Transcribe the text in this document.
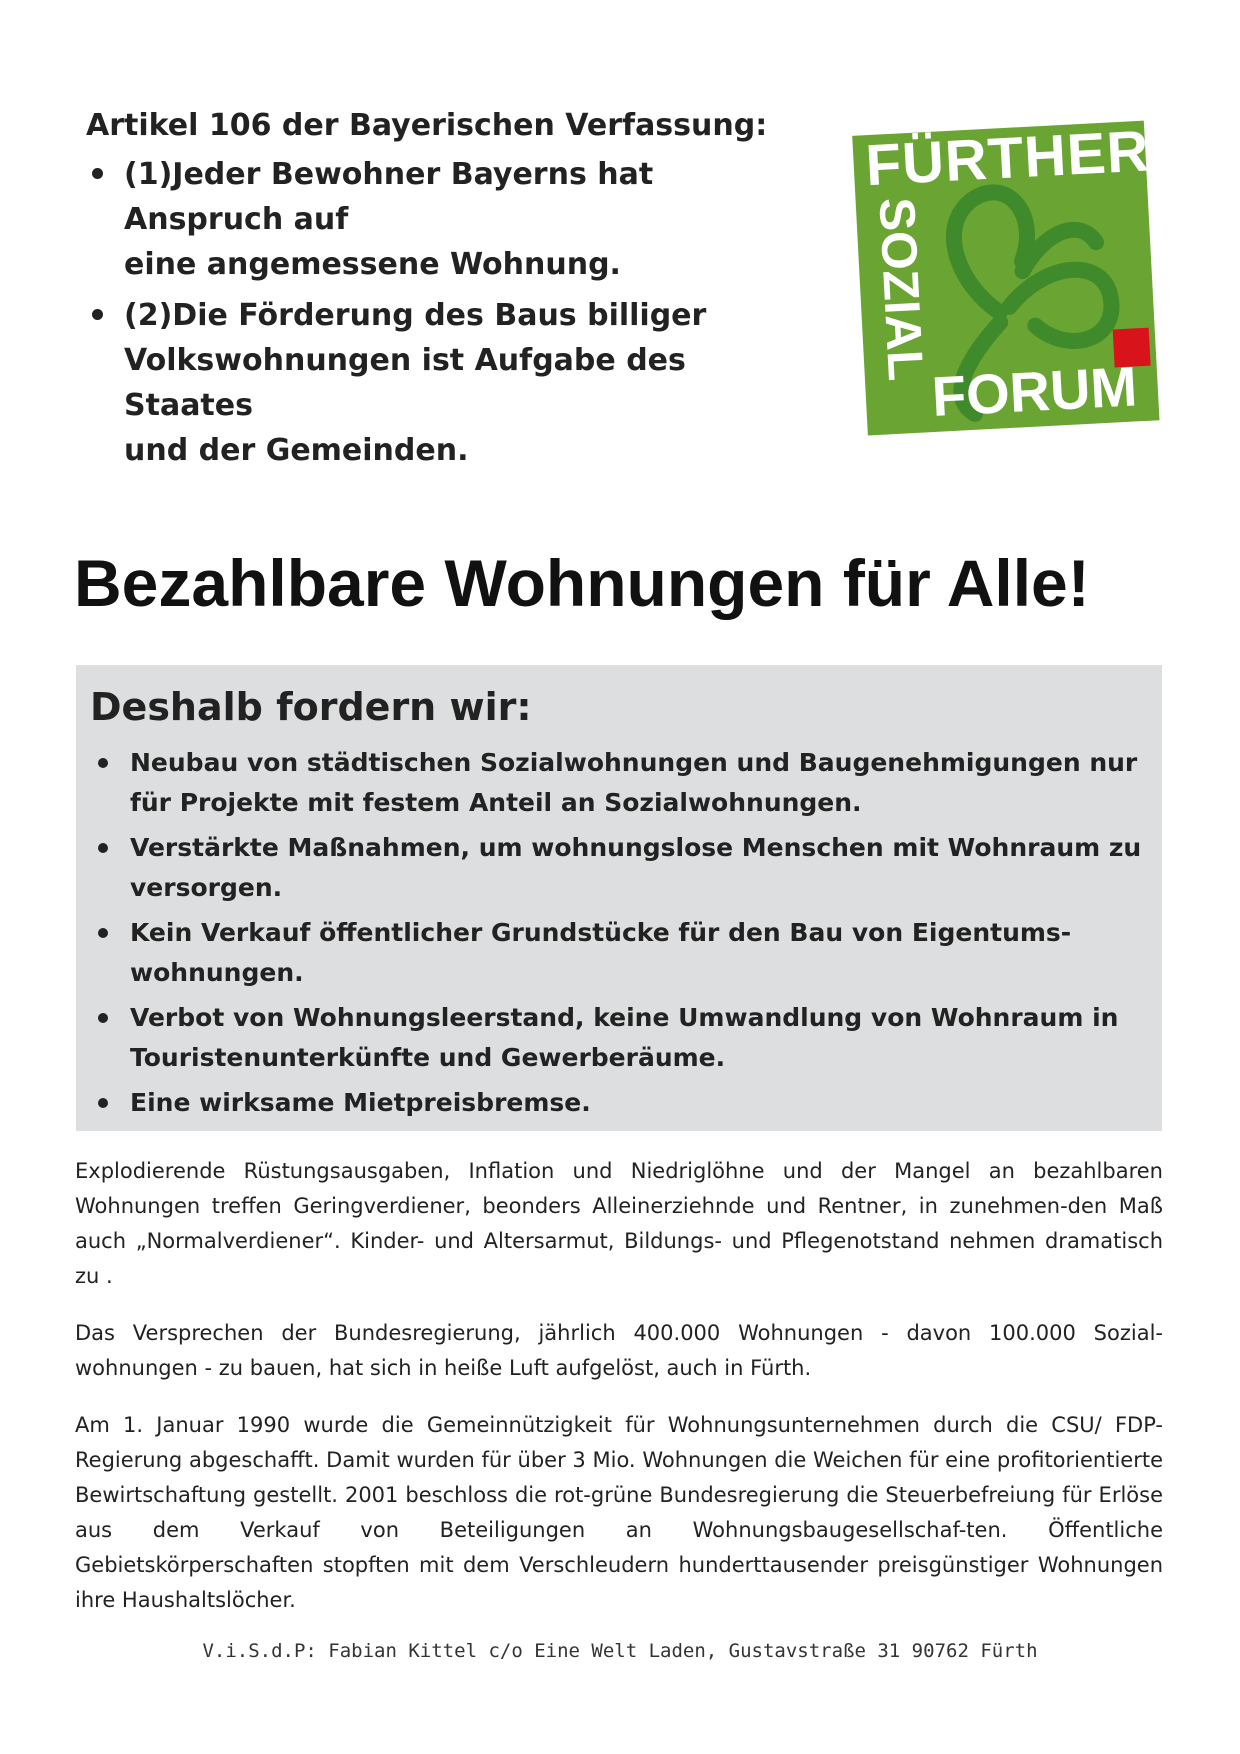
Artikel 106 der Bayerischen Verfassung:
(1)Jeder Bewohner Bayerns hat
Anspruch auf
eine angemessene Wohnung.
(2)Die Förderung des Baus billiger
Volkswohnungen ist Aufgabe des Staates
und der Gemeinden.
FÜRTHER
SOZIAL
FORUM
Bezahlbare Wohnungen für Alle!
Deshalb fordern wir:
Neubau von städtischen Sozialwohnungen und Baugenehmigungen nur
für Projekte mit festem Anteil an Sozialwohnungen.
Verstärkte Maßnahmen, um wohnungslose Menschen mit Wohnraum zu
versorgen.
Kein Verkauf öffentlicher Grundstücke für den Bau von Eigentums-
wohnungen.
Verbot von Wohnungsleerstand, keine Umwandlung von Wohnraum in
Touristenunterkünfte und Gewerberäume.
Eine wirksame Mietpreisbremse.

Explodierende Rüstungsausgaben, Inflation und Niedriglöhne und der Mangel an bezahlbaren Wohnungen treffen Geringverdiener, beonders Alleinerziehnde und Rentner, in zunehmen-den Maß auch „Normalverdiener“. Kinder- und Altersarmut, Bildungs- und Pflegenotstand nehmen dramatisch zu .

Das Versprechen der Bundesregierung, jährlich 400.000 Wohnungen - davon 100.000 Sozial-wohnungen - zu bauen, hat sich in heiße Luft aufgelöst, auch in Fürth.

Am 1. Januar 1990 wurde die Gemeinnützigkeit für Wohnungsunternehmen durch die CSU/ FDP-Regierung abgeschafft. Damit wurden für über 3 Mio. Wohnungen die Weichen für eine profitorientierte Bewirtschaftung gestellt. 2001 beschloss die rot-grüne Bundesregierung die Steuerbefreiung für Erlöse aus dem Verkauf von Beteiligungen an Wohnungsbaugesellschaf-ten. Öffentliche Gebietskörperschaften stopften mit dem Verschleudern hunderttausender preisgünstiger Wohnungen ihre Haushaltslöcher.

V.i.S.d.P: Fabian Kittel c/o Eine Welt Laden, Gustavstraße 31 90762 Fürth
